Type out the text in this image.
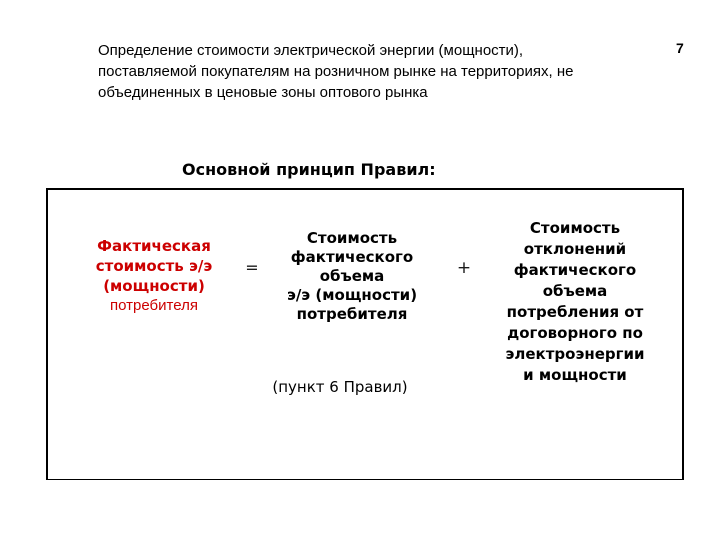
7
Определение стоимости электрической энергии (мощности),
поставляемой покупателям на розничном рынке на территориях, не
объединенных в ценовые зоны оптового рынка
Основной принцип Правил:
Фактическая
стоимость э/э
(мощности)
потребителя
=
Стоимость
фактического
объема
э/э (мощности)
потребителя
+
Стоимость
отклонений
фактического
объема
потребления от
договорного по
электроэнергии
и мощности
(пункт 6 Правил)
